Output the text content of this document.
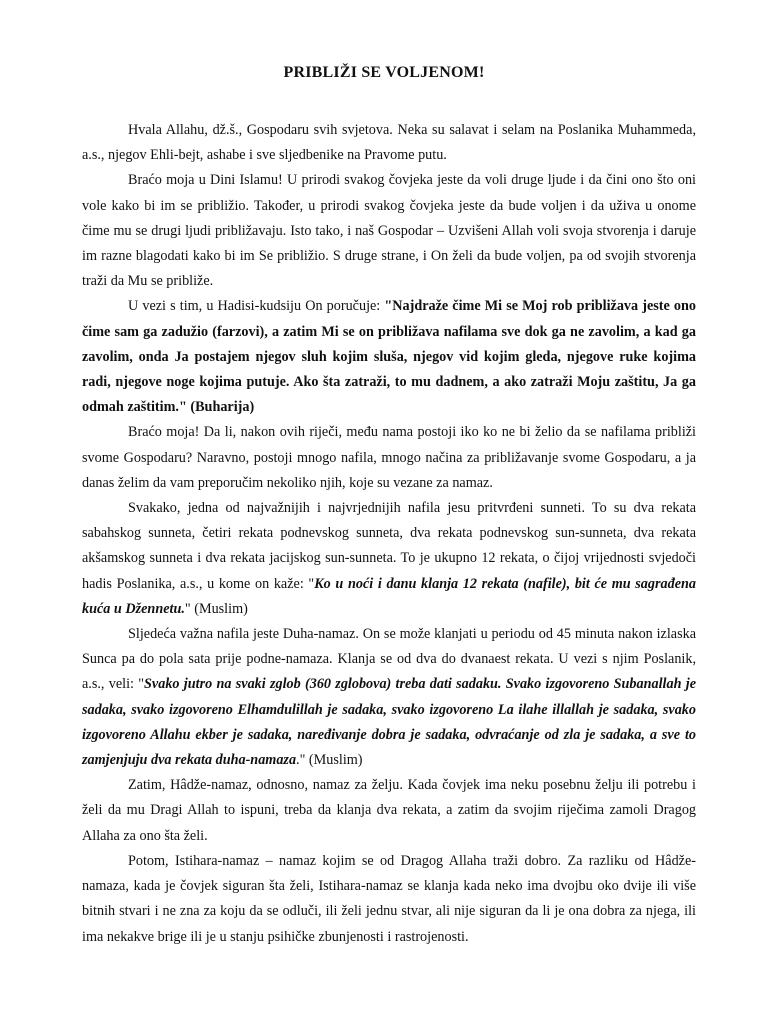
PRIBLIŽI SE VOLJENOM!

Hvala Allahu, dž.š., Gospodaru svih svjetova. Neka su salavat i selam na Poslanika Muhammeda, a.s., njegov Ehli-bejt, ashabe i sve sljedbenike na Pravome putu.

Braćo moja u Dini Islamu! U prirodi svakog čovjeka jeste da voli druge ljude i da čini ono što oni vole kako bi im se približio. Također, u prirodi svakog čovjeka jeste da bude voljen i da uživa u onome čime mu se drugi ljudi približavaju. Isto tako, i naš Gospodar – Uzvišeni Allah voli svoja stvorenja i daruje im razne blagodati kako bi im Se približio. S druge strane, i On želi da bude voljen, pa od svojih stvorenja traži da Mu se približe.

U vezi s tim, u Hadisi-kudsiju On poručuje: "Najdraže čime Mi se Moj rob približava jeste ono čime sam ga zadužio (farzovi), a zatim Mi se on približava nafilama sve dok ga ne zavolim, a kad ga zavolim, onda Ja postajem njegov sluh kojim sluša, njegov vid kojim gleda, njegove ruke kojima radi, njegove noge kojima putuje. Ako šta zatraži, to mu dadnem, a ako zatraži Moju zaštitu, Ja ga odmah zaštitim." (Buharija)

Braćo moja! Da li, nakon ovih riječi, među nama postoji iko ko ne bi želio da se nafilama približi svome Gospodaru? Naravno, postoji mnogo nafila, mnogo načina za približavanje svome Gospodaru, a ja danas želim da vam preporučim nekoliko njih, koje su vezane za namaz.

Svakako, jedna od najvažnijih i najvrjednijih nafila jesu pritvrđeni sunneti. To su dva rekata sabahskog sunneta, četiri rekata podnevskog sunneta, dva rekata podnevskog sun-sunneta, dva rekata akšamskog sunneta i dva rekata jacijskog sun-sunneta. To je ukupno 12 rekata, o čijoj vrijednosti svjedoči hadis Poslanika, a.s., u kome on kaže: "Ko u noći i danu klanja 12 rekata (nafile), bit će mu sagrađena kuća u Džennetu." (Muslim)

Sljedeća važna nafila jeste Duha-namaz. On se može klanjati u periodu od 45 minuta nakon izlaska Sunca pa do pola sata prije podne-namaza. Klanja se od dva do dvanaest rekata. U vezi s njim Poslanik, a.s., veli: "Svako jutro na svaki zglob (360 zglobova) treba dati sadaku. Svako izgovoreno Subanallah je sadaka, svako izgovoreno Elhamdulillah je sadaka, svako izgovoreno La ilahe illallah je sadaka, svako izgovoreno Allahu ekber je sadaka, naređivanje dobra je sadaka, odvraćanje od zla je sadaka, a sve to zamjenjuju dva rekata duha-namaza." (Muslim)

Zatim, Hâdže-namaz, odnosno, namaz za želju. Kada čovjek ima neku posebnu želju ili potrebu i želi da mu Dragi Allah to ispuni, treba da klanja dva rekata, a zatim da svojim riječima zamoli Dragog Allaha za ono šta želi.

Potom, Istihara-namaz – namaz kojim se od Dragog Allaha traži dobro. Za razliku od Hâdže-namaza, kada je čovjek siguran šta želi, Istihara-namaz se klanja kada neko ima dvojbu oko dvije ili više bitnih stvari i ne zna za koju da se odluči, ili želi jednu stvar, ali nije siguran da li je ona dobra za njega, ili ima nekakve brige ili je u stanju psihičke zbunjenosti i rastrojenosti.
